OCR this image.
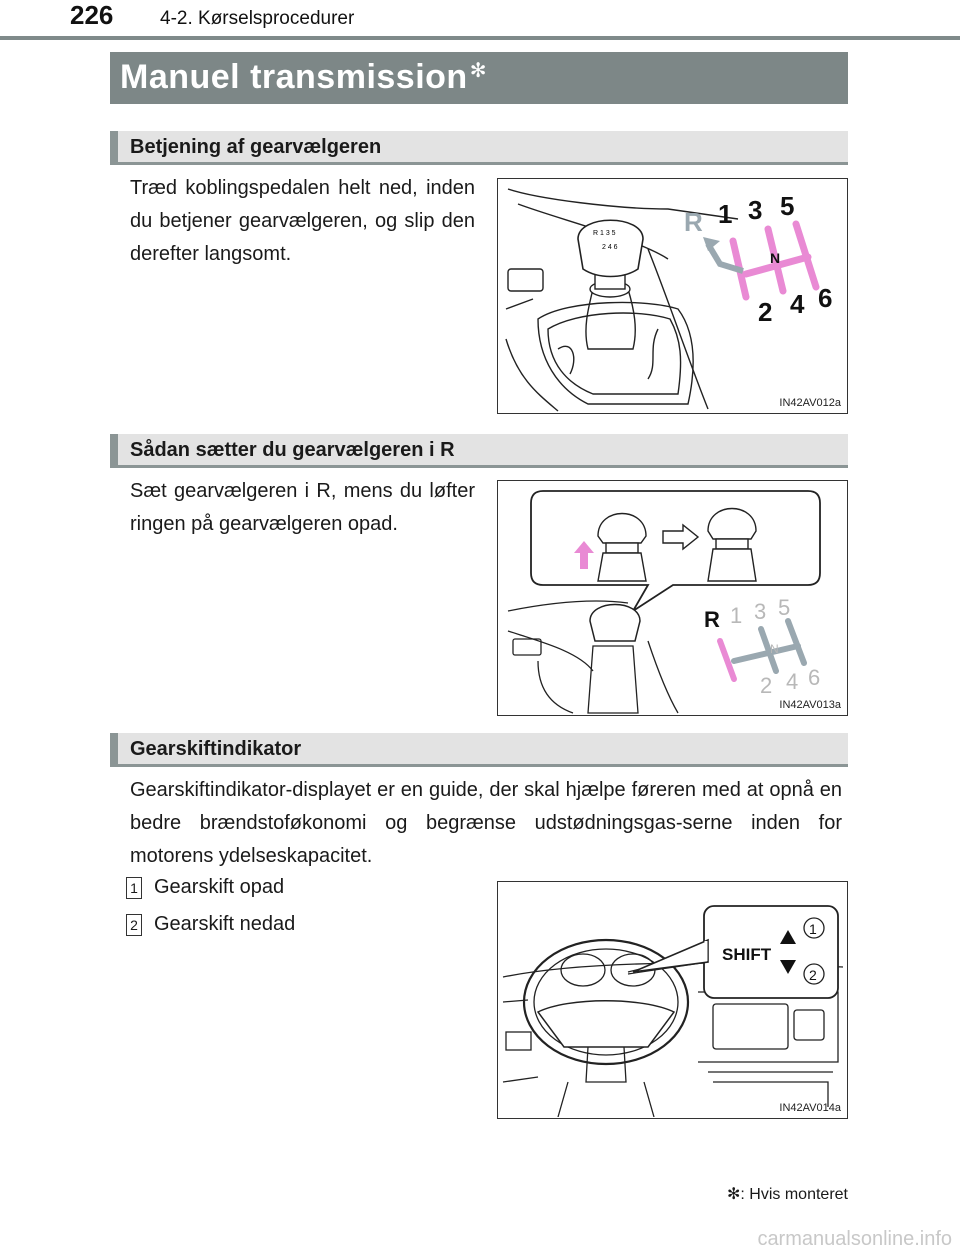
226 4-2. Kørselsprocedurer
Manuel transmission ✻
Betjening af gearvælgeren
Træd koblingspedalen helt ned, inden du betjener gearvælgeren, og slip den derefter langsomt.
R 1 3 5
2 4 6
R 1 3 5
N
2 4 6
IN42AV012a
Sådan sætter du gearvælgeren i R
Sæt gearvælgeren i R, mens du løfter ringen på gearvælgeren opad.
R 1 3 5
N
2 4 6
IN42AV013a
Gearskiftindikator
Gearskiftindikator-displayet er en guide, der skal hjælpe føreren med at opnå en bedre brændstoføkonomi og begrænse udstødningsgas-serne inden for motorens ydelseskapacitet.
1 Gearskift opad
2 Gearskift nedad
SHIFT
1
2
IN42AV014a
✻: Hvis monteret
carmanualsonline.info
